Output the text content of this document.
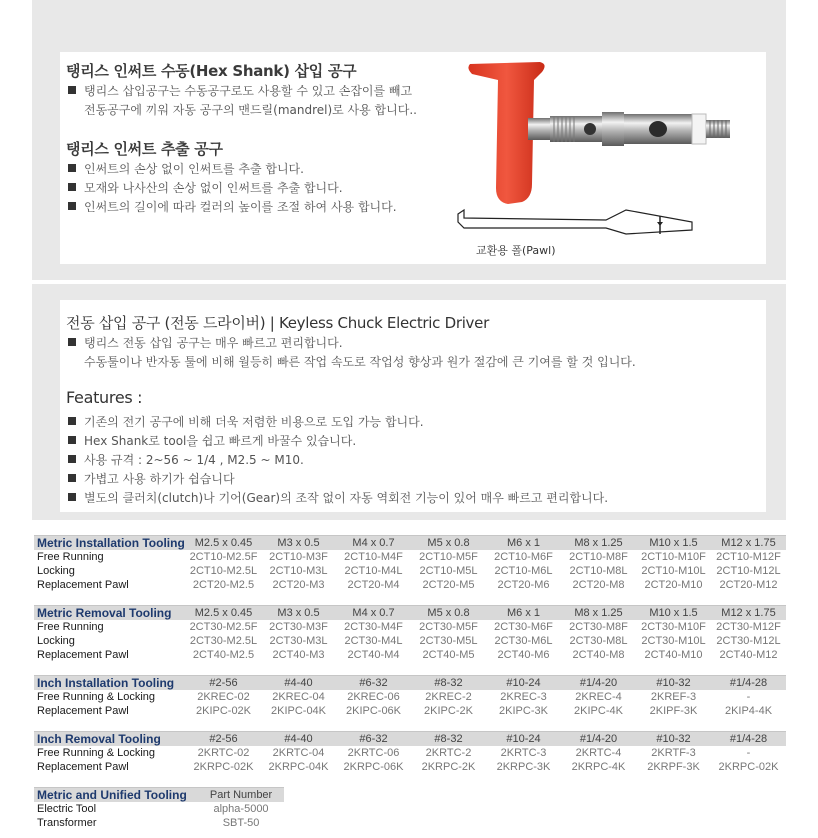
탱리스 인써트 수동(Hex Shank) 삽입 공구
탱리스 삽입공구는 수동공구로도 사용할 수 있고 손잡이를 빼고
전동공구에 끼워 자동 공구의 맨드릴(mandrel)로 사용 합니다..
탱리스 인써트 추출 공구
인써트의 손상 없이 인써트를 추출 합니다.
모재와 나사산의 손상 없이 인써트를 추출 합니다.
인써트의 길이에 따라 컬러의 높이를 조절 하여 사용 합니다.
교환용 폴(Pawl)
전동 삽입 공구 (전동 드라이버) | Keyless Chuck Electric Driver
탱리스 전동 삽입 공구는 매우 빠르고 편리합니다.
수동툴이나 반자동 툴에 비해 월등히 빠른 작업 속도로 작업성 향상과 원가 절감에 큰 기여를 할 것 입니다.
Features :
기존의 전기 공구에 비해 더욱 저렴한 비용으로 도입 가능 합니다.
Hex Shank로 tool을 쉽고 빠르게 바꿀수 있습니다.
사용 규격 : 2~56 ~ 1/4 , M2.5 ~ M10.
가볍고 사용 하기가 쉽습니다
별도의 클러치(clutch)나 기어(Gear)의 조작 없이 자동 역회전 기능이 있어 매우 빠르고 편리합니다.
Metric Installation Tooling	M2.5 x 0.45	M3 x 0.5	M4 x 0.7	M5 x 0.8	M6 x 1	M8 x 1.25	M10 x 1.5	M12 x 1.75
Free Running	2CT10-M2.5F	2CT10-M3F	2CT10-M4F	2CT10-M5F	2CT10-M6F	2CT10-M8F	2CT10-M10F	2CT10-M12F
Locking	2CT10-M2.5L	2CT10-M3L	2CT10-M4L	2CT10-M5L	2CT10-M6L	2CT10-M8L	2CT10-M10L	2CT10-M12L
Replacement Pawl	2CT20-M2.5	2CT20-M3	2CT20-M4	2CT20-M5	2CT20-M6	2CT20-M8	2CT20-M10	2CT20-M12
Metric Removal Tooling	M2.5 x 0.45	M3 x 0.5	M4 x 0.7	M5 x 0.8	M6 x 1	M8 x 1.25	M10 x 1.5	M12 x 1.75
Free Running	2CT30-M2.5F	2CT30-M3F	2CT30-M4F	2CT30-M5F	2CT30-M6F	2CT30-M8F	2CT30-M10F	2CT30-M12F
Locking	2CT30-M2.5L	2CT30-M3L	2CT30-M4L	2CT30-M5L	2CT30-M6L	2CT30-M8L	2CT30-M10L	2CT30-M12L
Replacement Pawl	2CT40-M2.5	2CT40-M3	2CT40-M4	2CT40-M5	2CT40-M6	2CT40-M8	2CT40-M10	2CT40-M12
Inch Installation Tooling	#2-56	#4-40	#6-32	#8-32	#10-24	#1/4-20	#10-32	#1/4-28
Free Running & Locking	2KREC-02	2KREC-04	2KREC-06	2KREC-2	2KREC-3	2KREC-4	2KREF-3	-
Replacement Pawl	2KIPC-02K	2KIPC-04K	2KIPC-06K	2KIPC-2K	2KIPC-3K	2KIPC-4K	2KIPF-3K	2KIP4-4K
Inch Removal Tooling	#2-56	#4-40	#6-32	#8-32	#10-24	#1/4-20	#10-32	#1/4-28
Free Running & Locking	2KRTC-02	2KRTC-04	2KRTC-06	2KRTC-2	2KRTC-3	2KRTC-4	2KRTF-3	-
Replacement Pawl	2KRPC-02K	2KRPC-04K	2KRPC-06K	2KRPC-2K	2KRPC-3K	2KRPC-4K	2KRPF-3K	2KRPC-02K
Metric and Unified Tooling	Part Number
Electric Tool	alpha-5000
Transformer	SBT-50
